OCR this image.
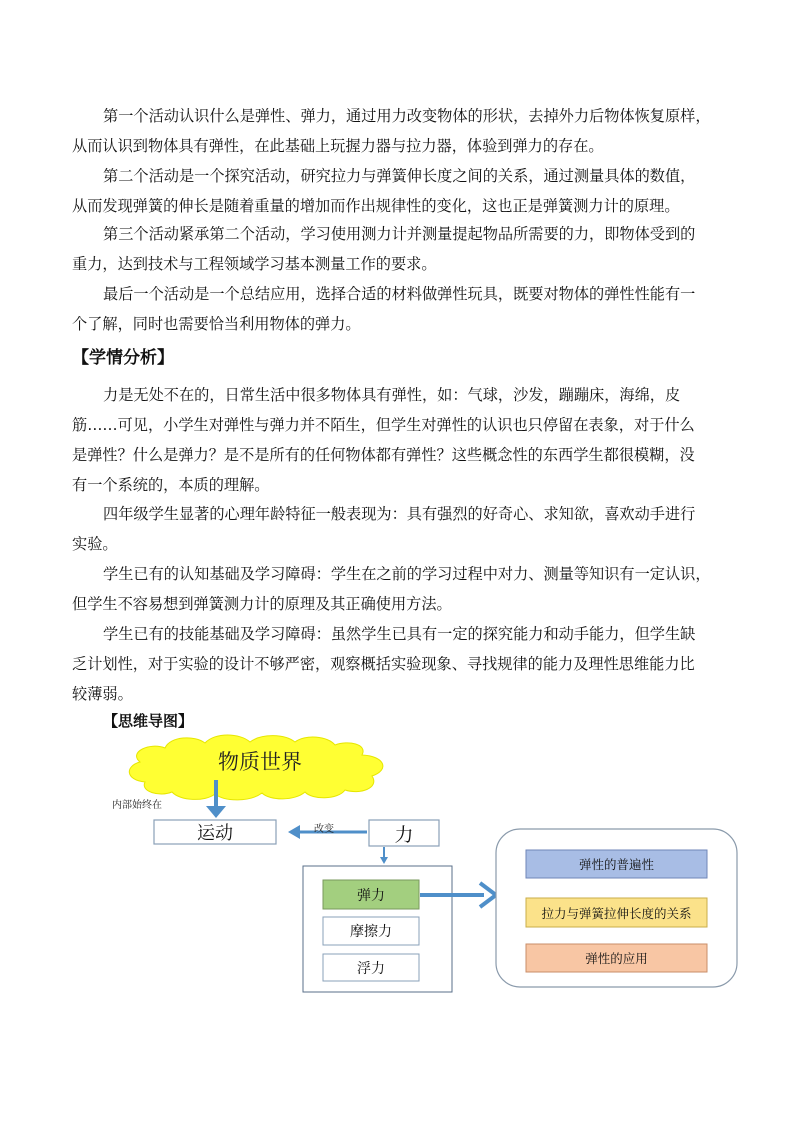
第一个活动认识什么是弹性、弹力，通过用力改变物体的形状，去掉外力后物体恢复原样，
从而认识到物体具有弹性，在此基础上玩握力器与拉力器，体验到弹力的存在。
第二个活动是一个探究活动，研究拉力与弹簧伸长度之间的关系，通过测量具体的数值，
从而发现弹簧的伸长是随着重量的增加而作出规律性的变化，这也正是弹簧测力计的原理。
第三个活动紧承第二个活动，学习使用测力计并测量提起物品所需要的力，即物体受到的
重力，达到技术与工程领域学习基本测量工作的要求。
最后一个活动是一个总结应用，选择合适的材料做弹性玩具，既要对物体的弹性性能有一
个了解，同时也需要恰当利用物体的弹力。
【学情分析】
力是无处不在的，日常生活中很多物体具有弹性，如：气球，沙发，蹦蹦床，海绵，皮
筋……可见，小学生对弹性与弹力并不陌生，但学生对弹性的认识也只停留在表象，对于什么
是弹性？什么是弹力？是不是所有的任何物体都有弹性？这些概念性的东西学生都很模糊，没
有一个系统的，本质的理解。
四年级学生显著的心理年龄特征一般表现为：具有强烈的好奇心、求知欲，喜欢动手进行
实验。
学生已有的认知基础及学习障碍：学生在之前的学习过程中对力、测量等知识有一定认识，
但学生不容易想到弹簧测力计的原理及其正确使用方法。
学生已有的技能基础及学习障碍：虽然学生已具有一定的探究能力和动手能力，但学生缺
乏计划性，对于实验的设计不够严密，观察概括实验现象、寻找规律的能力及理性思维能力比
较薄弱。
【思维导图】
物质世界
内部始终在
运动	改变	力
弹力
摩擦力
浮力
弹性的普遍性
拉力与弹簧拉伸长度的关系
弹性的应用
